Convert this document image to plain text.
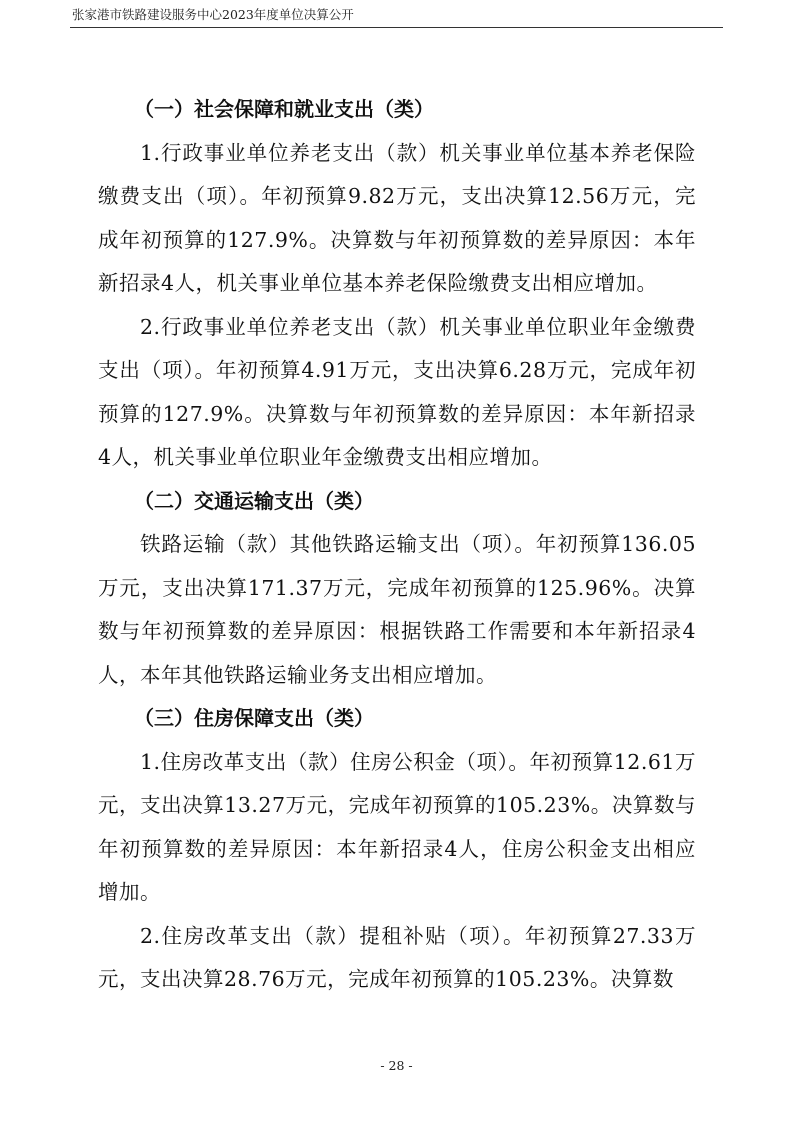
张家港市铁路建设服务中心2023年度单位决算公开
（一）社会保障和就业支出（类）

1.行政事业单位养老支出（款）机关事业单位基本养老保险缴费支出（项）。年初预算9.82万元，支出决算12.56万元，完成年初预算的127.9%。决算数与年初预算数的差异原因：本年新招录4人，机关事业单位基本养老保险缴费支出相应增加。

2.行政事业单位养老支出（款）机关事业单位职业年金缴费支出（项）。年初预算4.91万元，支出决算6.28万元，完成年初预算的127.9%。决算数与年初预算数的差异原因：本年新招录4人，机关事业单位职业年金缴费支出相应增加。

（二）交通运输支出（类）

铁路运输（款）其他铁路运输支出（项）。年初预算136.05万元，支出决算171.37万元，完成年初预算的125.96%。决算数与年初预算数的差异原因：根据铁路工作需要和本年新招录4人，本年其他铁路运输业务支出相应增加。

（三）住房保障支出（类）

1.住房改革支出（款）住房公积金（项）。年初预算12.61万元，支出决算13.27万元，完成年初预算的105.23%。决算数与年初预算数的差异原因：本年新招录4人，住房公积金支出相应增加。

2.住房改革支出（款）提租补贴（项）。年初预算27.33万元，支出决算28.76万元，完成年初预算的105.23%。决算数

- 28 -
